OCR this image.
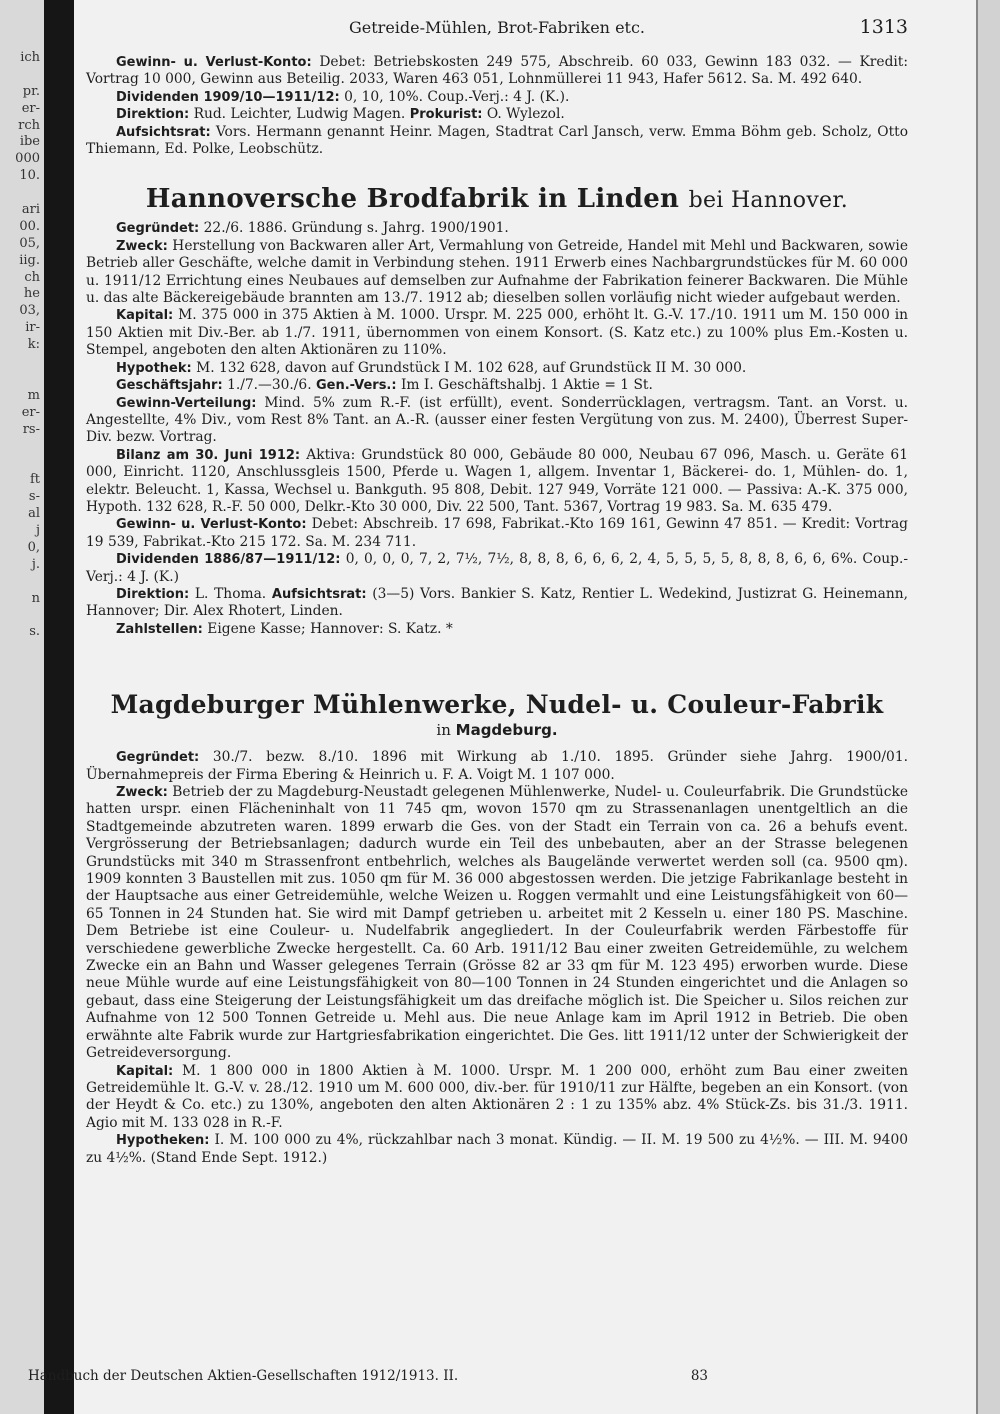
ich
pr.
er-
rch
ibe
000
10.
ari
00.
05,
iig.
ch
he
03,
ir-
k:
m
er-
rs-
ft
s-
al
j
0,
j.
n
s.
Getreide-Mühlen, Brot-Fabriken etc.	1313

Gewinn- u. Verlust-Konto: Debet: Betriebskosten 249 575, Abschreib. 60 033, Gewinn 183 032. — Kredit: Vortrag 10 000, Gewinn aus Beteilig. 2033, Waren 463 051, Lohnmüllerei 11 943, Hafer 5612. Sa. M. 492 640.

Dividenden 1909/10—1911/12: 0, 10, 10%. Coup.-Verj.: 4 J. (K.).

Direktion: Rud. Leichter, Ludwig Magen. Prokurist: O. Wylezol.

Aufsichtsrat: Vors. Hermann genannt Heinr. Magen, Stadtrat Carl Jansch, verw. Emma Böhm geb. Scholz, Otto Thiemann, Ed. Polke, Leobschütz.

Hannoversche Brodfabrik in Linden bei Hannover.

Gegründet: 22./6. 1886. Gründung s. Jahrg. 1900/1901.

Zweck: Herstellung von Backwaren aller Art, Vermahlung von Getreide, Handel mit Mehl und Backwaren, sowie Betrieb aller Geschäfte, welche damit in Verbindung stehen. 1911 Erwerb eines Nachbargrundstückes für M. 60 000 u. 1911/12 Errichtung eines Neubaues auf demselben zur Aufnahme der Fabrikation feinerer Backwaren. Die Mühle u. das alte Bäckereigebäude brannten am 13./7. 1912 ab; dieselben sollen vorläufig nicht wieder aufgebaut werden.

Kapital: M. 375 000 in 375 Aktien à M. 1000. Urspr. M. 225 000, erhöht lt. G.-V. 17./10. 1911 um M. 150 000 in 150 Aktien mit Div.-Ber. ab 1./7. 1911, übernommen von einem Konsort. (S. Katz etc.) zu 100% plus Em.-Kosten u. Stempel, angeboten den alten Aktionären zu 110%.

Hypothek: M. 132 628, davon auf Grundstück I M. 102 628, auf Grundstück II M. 30 000.

Geschäftsjahr: 1./7.—30./6. Gen.-Vers.: Im I. Geschäftshalbj. 1 Aktie = 1 St.

Gewinn-Verteilung: Mind. 5% zum R.-F. (ist erfüllt), event. Sonderrücklagen, vertragsm. Tant. an Vorst. u. Angestellte, 4% Div., vom Rest 8% Tant. an A.-R. (ausser einer festen Vergütung von zus. M. 2400), Überrest Super-Div. bezw. Vortrag.

Bilanz am 30. Juni 1912: Aktiva: Grundstück 80 000, Gebäude 80 000, Neubau 67 096, Masch. u. Geräte 61 000, Einricht. 1120, Anschlussgleis 1500, Pferde u. Wagen 1, allgem. Inventar 1, Bäckerei- do. 1, Mühlen- do. 1, elektr. Beleucht. 1, Kassa, Wechsel u. Bankguth. 95 808, Debit. 127 949, Vorräte 121 000. — Passiva: A.-K. 375 000, Hypoth. 132 628, R.-F. 50 000, Delkr.-Kto 30 000, Div. 22 500, Tant. 5367, Vortrag 19 983. Sa. M. 635 479.

Gewinn- u. Verlust-Konto: Debet: Abschreib. 17 698, Fabrikat.-Kto 169 161, Gewinn 47 851. — Kredit: Vortrag 19 539, Fabrikat.-Kto 215 172. Sa. M. 234 711.

Dividenden 1886/87—1911/12: 0, 0, 0, 0, 7, 2, 7½, 7½, 8, 8, 8, 6, 6, 6, 2, 4, 5, 5, 5, 5, 8, 8, 8, 6, 6, 6%. Coup.-Verj.: 4 J. (K.)

Direktion: L. Thoma. Aufsichtsrat: (3—5) Vors. Bankier S. Katz, Rentier L. Wedekind, Justizrat G. Heinemann, Hannover; Dir. Alex Rhotert, Linden.

Zahlstellen: Eigene Kasse; Hannover: S. Katz. *

Magdeburger Mühlenwerke, Nudel- u. Couleur-Fabrik
in Magdeburg.

Gegründet: 30./7. bezw. 8./10. 1896 mit Wirkung ab 1./10. 1895. Gründer siehe Jahrg. 1900/01. Übernahmepreis der Firma Ebering & Heinrich u. F. A. Voigt M. 1 107 000.

Zweck: Betrieb der zu Magdeburg-Neustadt gelegenen Mühlenwerke, Nudel- u. Couleurfabrik. Die Grundstücke hatten urspr. einen Flächeninhalt von 11 745 qm, wovon 1570 qm zu Strassenanlagen unentgeltlich an die Stadtgemeinde abzutreten waren. 1899 erwarb die Ges. von der Stadt ein Terrain von ca. 26 a behufs event. Vergrösserung der Betriebsanlagen; dadurch wurde ein Teil des unbebauten, aber an der Strasse belegenen Grundstücks mit 340 m Strassenfront entbehrlich, welches als Baugelände verwertet werden soll (ca. 9500 qm). 1909 konnten 3 Baustellen mit zus. 1050 qm für M. 36 000 abgestossen werden. Die jetzige Fabrikanlage besteht in der Hauptsache aus einer Getreidemühle, welche Weizen u. Roggen vermahlt und eine Leistungsfähigkeit von 60—65 Tonnen in 24 Stunden hat. Sie wird mit Dampf getrieben u. arbeitet mit 2 Kesseln u. einer 180 PS. Maschine. Dem Betriebe ist eine Couleur- u. Nudelfabrik angegliedert. In der Couleurfabrik werden Färbestoffe für verschiedene gewerbliche Zwecke hergestellt. Ca. 60 Arb. 1911/12 Bau einer zweiten Getreidemühle, zu welchem Zwecke ein an Bahn und Wasser gelegenes Terrain (Grösse 82 ar 33 qm für M. 123 495) erworben wurde. Diese neue Mühle wurde auf eine Leistungsfähigkeit von 80—100 Tonnen in 24 Stunden eingerichtet und die Anlagen so gebaut, dass eine Steigerung der Leistungsfähigkeit um das dreifache möglich ist. Die Speicher u. Silos reichen zur Aufnahme von 12 500 Tonnen Getreide u. Mehl aus. Die neue Anlage kam im April 1912 in Betrieb. Die oben erwähnte alte Fabrik wurde zur Hartgriesfabrikation eingerichtet. Die Ges. litt 1911/12 unter der Schwierigkeit der Getreideversorgung.

Kapital: M. 1 800 000 in 1800 Aktien à M. 1000. Urspr. M. 1 200 000, erhöht zum Bau einer zweiten Getreidemühle lt. G.-V. v. 28./12. 1910 um M. 600 000, div.-ber. für 1910/11 zur Hälfte, begeben an ein Konsort. (von der Heydt & Co. etc.) zu 130%, angeboten den alten Aktionären 2 : 1 zu 135% abz. 4% Stück-Zs. bis 31./3. 1911. Agio mit M. 133 028 in R.-F.

Hypotheken: I. M. 100 000 zu 4%, rückzahlbar nach 3 monat. Kündig. — II. M. 19 500 zu 4½%. — III. M. 9400 zu 4½%. (Stand Ende Sept. 1912.)

Handbuch der Deutschen Aktien-Gesellschaften 1912/1913. II.	83
